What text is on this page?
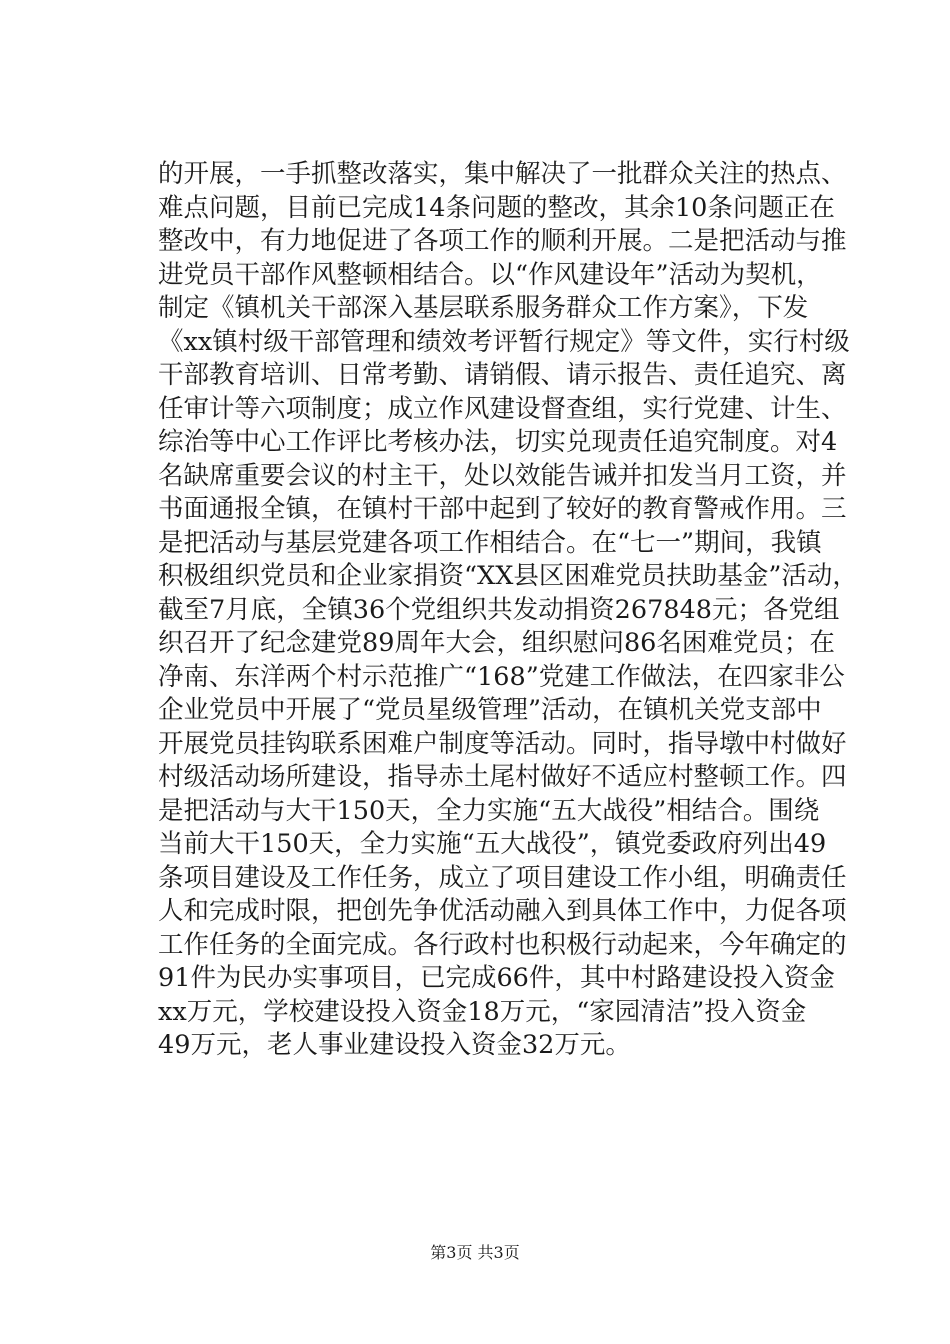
的开展，一手抓整改落实，集中解决了一批群众关注的热点、
难点问题，目前已完成14条问题的整改，其余10条问题正在
整改中，有力地促进了各项工作的顺利开展。二是把活动与推
进党员干部作风整顿相结合。以“作风建设年”活动为契机，
制定《镇机关干部深入基层联系服务群众工作方案》，下发
《xx镇村级干部管理和绩效考评暂行规定》等文件，实行村级
干部教育培训、日常考勤、请销假、请示报告、责任追究、离
任审计等六项制度；成立作风建设督查组，实行党建、计生、
综治等中心工作评比考核办法，切实兑现责任追究制度。对4
名缺席重要会议的村主干，处以效能告诫并扣发当月工资，并
书面通报全镇，在镇村干部中起到了较好的教育警戒作用。三
是把活动与基层党建各项工作相结合。在“七一”期间，我镇
积极组织党员和企业家捐资“XX县区困难党员扶助基金”活动，
截至7月底，全镇36个党组织共发动捐资267848元；各党组
织召开了纪念建党89周年大会，组织慰问86名困难党员；在
净南、东洋两个村示范推广“168”党建工作做法，在四家非公
企业党员中开展了“党员星级管理”活动，在镇机关党支部中
开展党员挂钩联系困难户制度等活动。同时，指导墩中村做好
村级活动场所建设，指导赤土尾村做好不适应村整顿工作。四
是把活动与大干150天，全力实施“五大战役”相结合。围绕
当前大干150天，全力实施“五大战役”，镇党委政府列出49
条项目建设及工作任务，成立了项目建设工作小组，明确责任
人和完成时限，把创先争优活动融入到具体工作中，力促各项
工作任务的全面完成。各行政村也积极行动起来，今年确定的
91件为民办实事项目，已完成66件，其中村路建设投入资金
xx万元，学校建设投入资金18万元，“家园清洁”投入资金
49万元，老人事业建设投入资金32万元。
第3页 共3页
